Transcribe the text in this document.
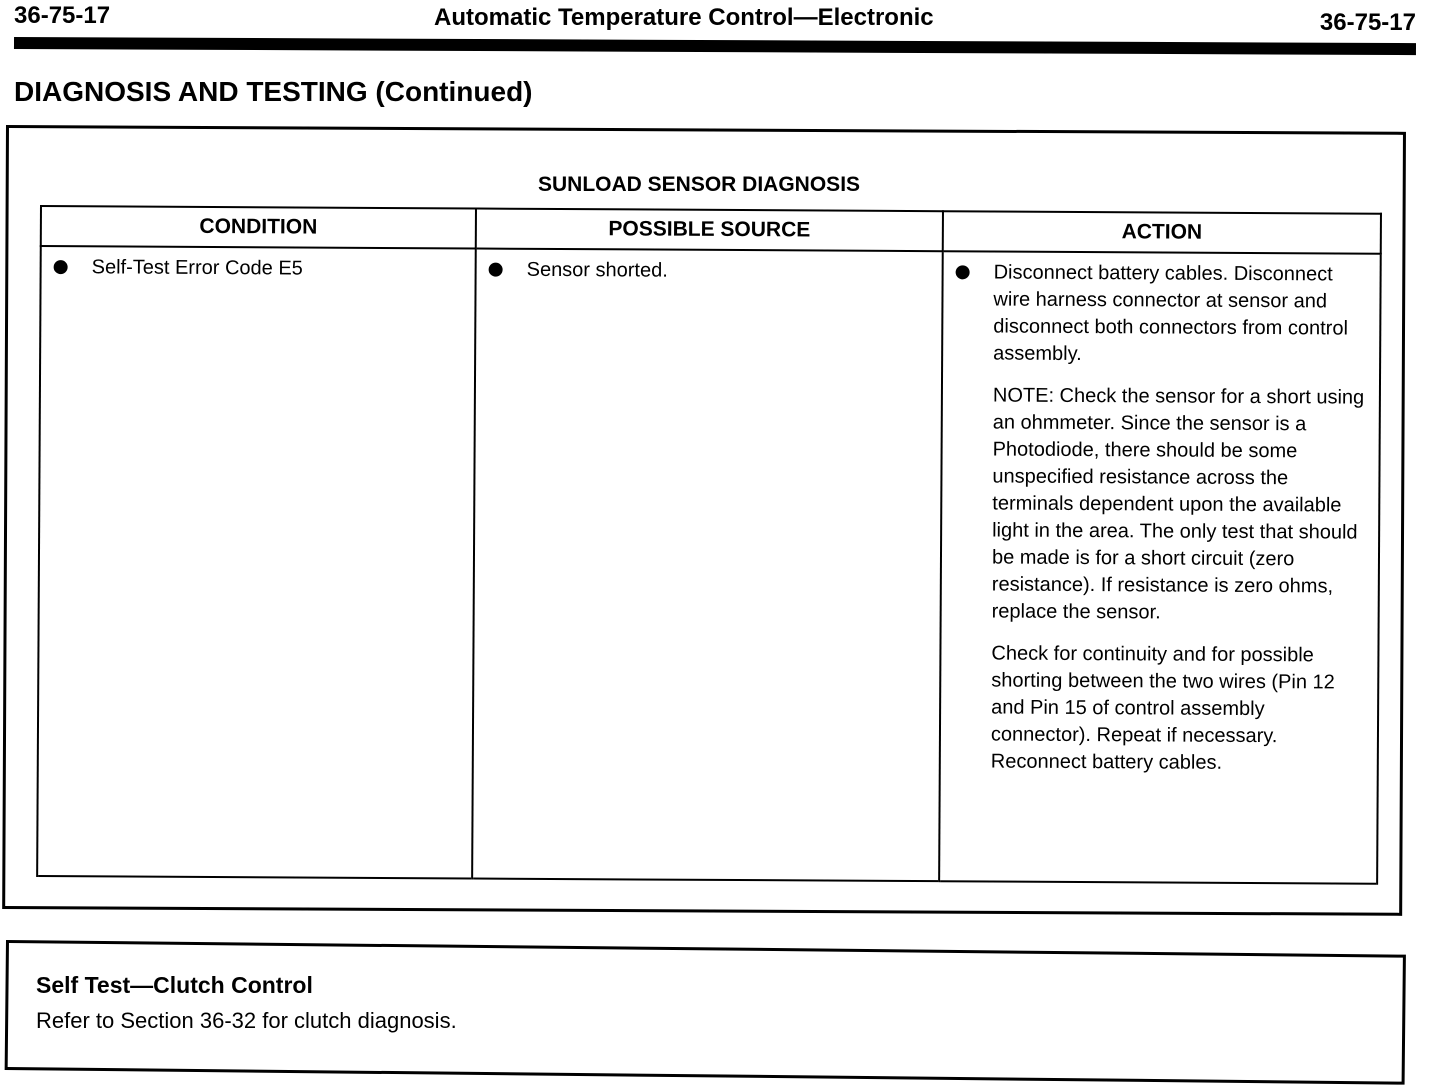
36-75-17	Automatic Temperature Control—Electronic	36-75-17
DIAGNOSIS AND TESTING (Continued)
SUNLOAD SENSOR DIAGNOSIS
CONDITION	POSSIBLE SOURCE	ACTION

Self-Test Error Code E5	Sensor shorted.	Disconnect battery cables. Disconnect wire harness connector at sensor and disconnect both connectors from control assembly.

NOTE: Check the sensor for a short using an ohmmeter. Since the sensor is a Photodiode, there should be some unspecified resistance across the terminals dependent upon the available light in the area. The only test that should be made is for a short circuit (zero resistance). If resistance is zero ohms, replace the sensor.

Check for continuity and for possible shorting between the two wires (Pin 12 and Pin 15 of control assembly connector). Repeat if necessary. Reconnect battery cables.

Self Test—Clutch Control
Refer to Section 36-32 for clutch diagnosis.
